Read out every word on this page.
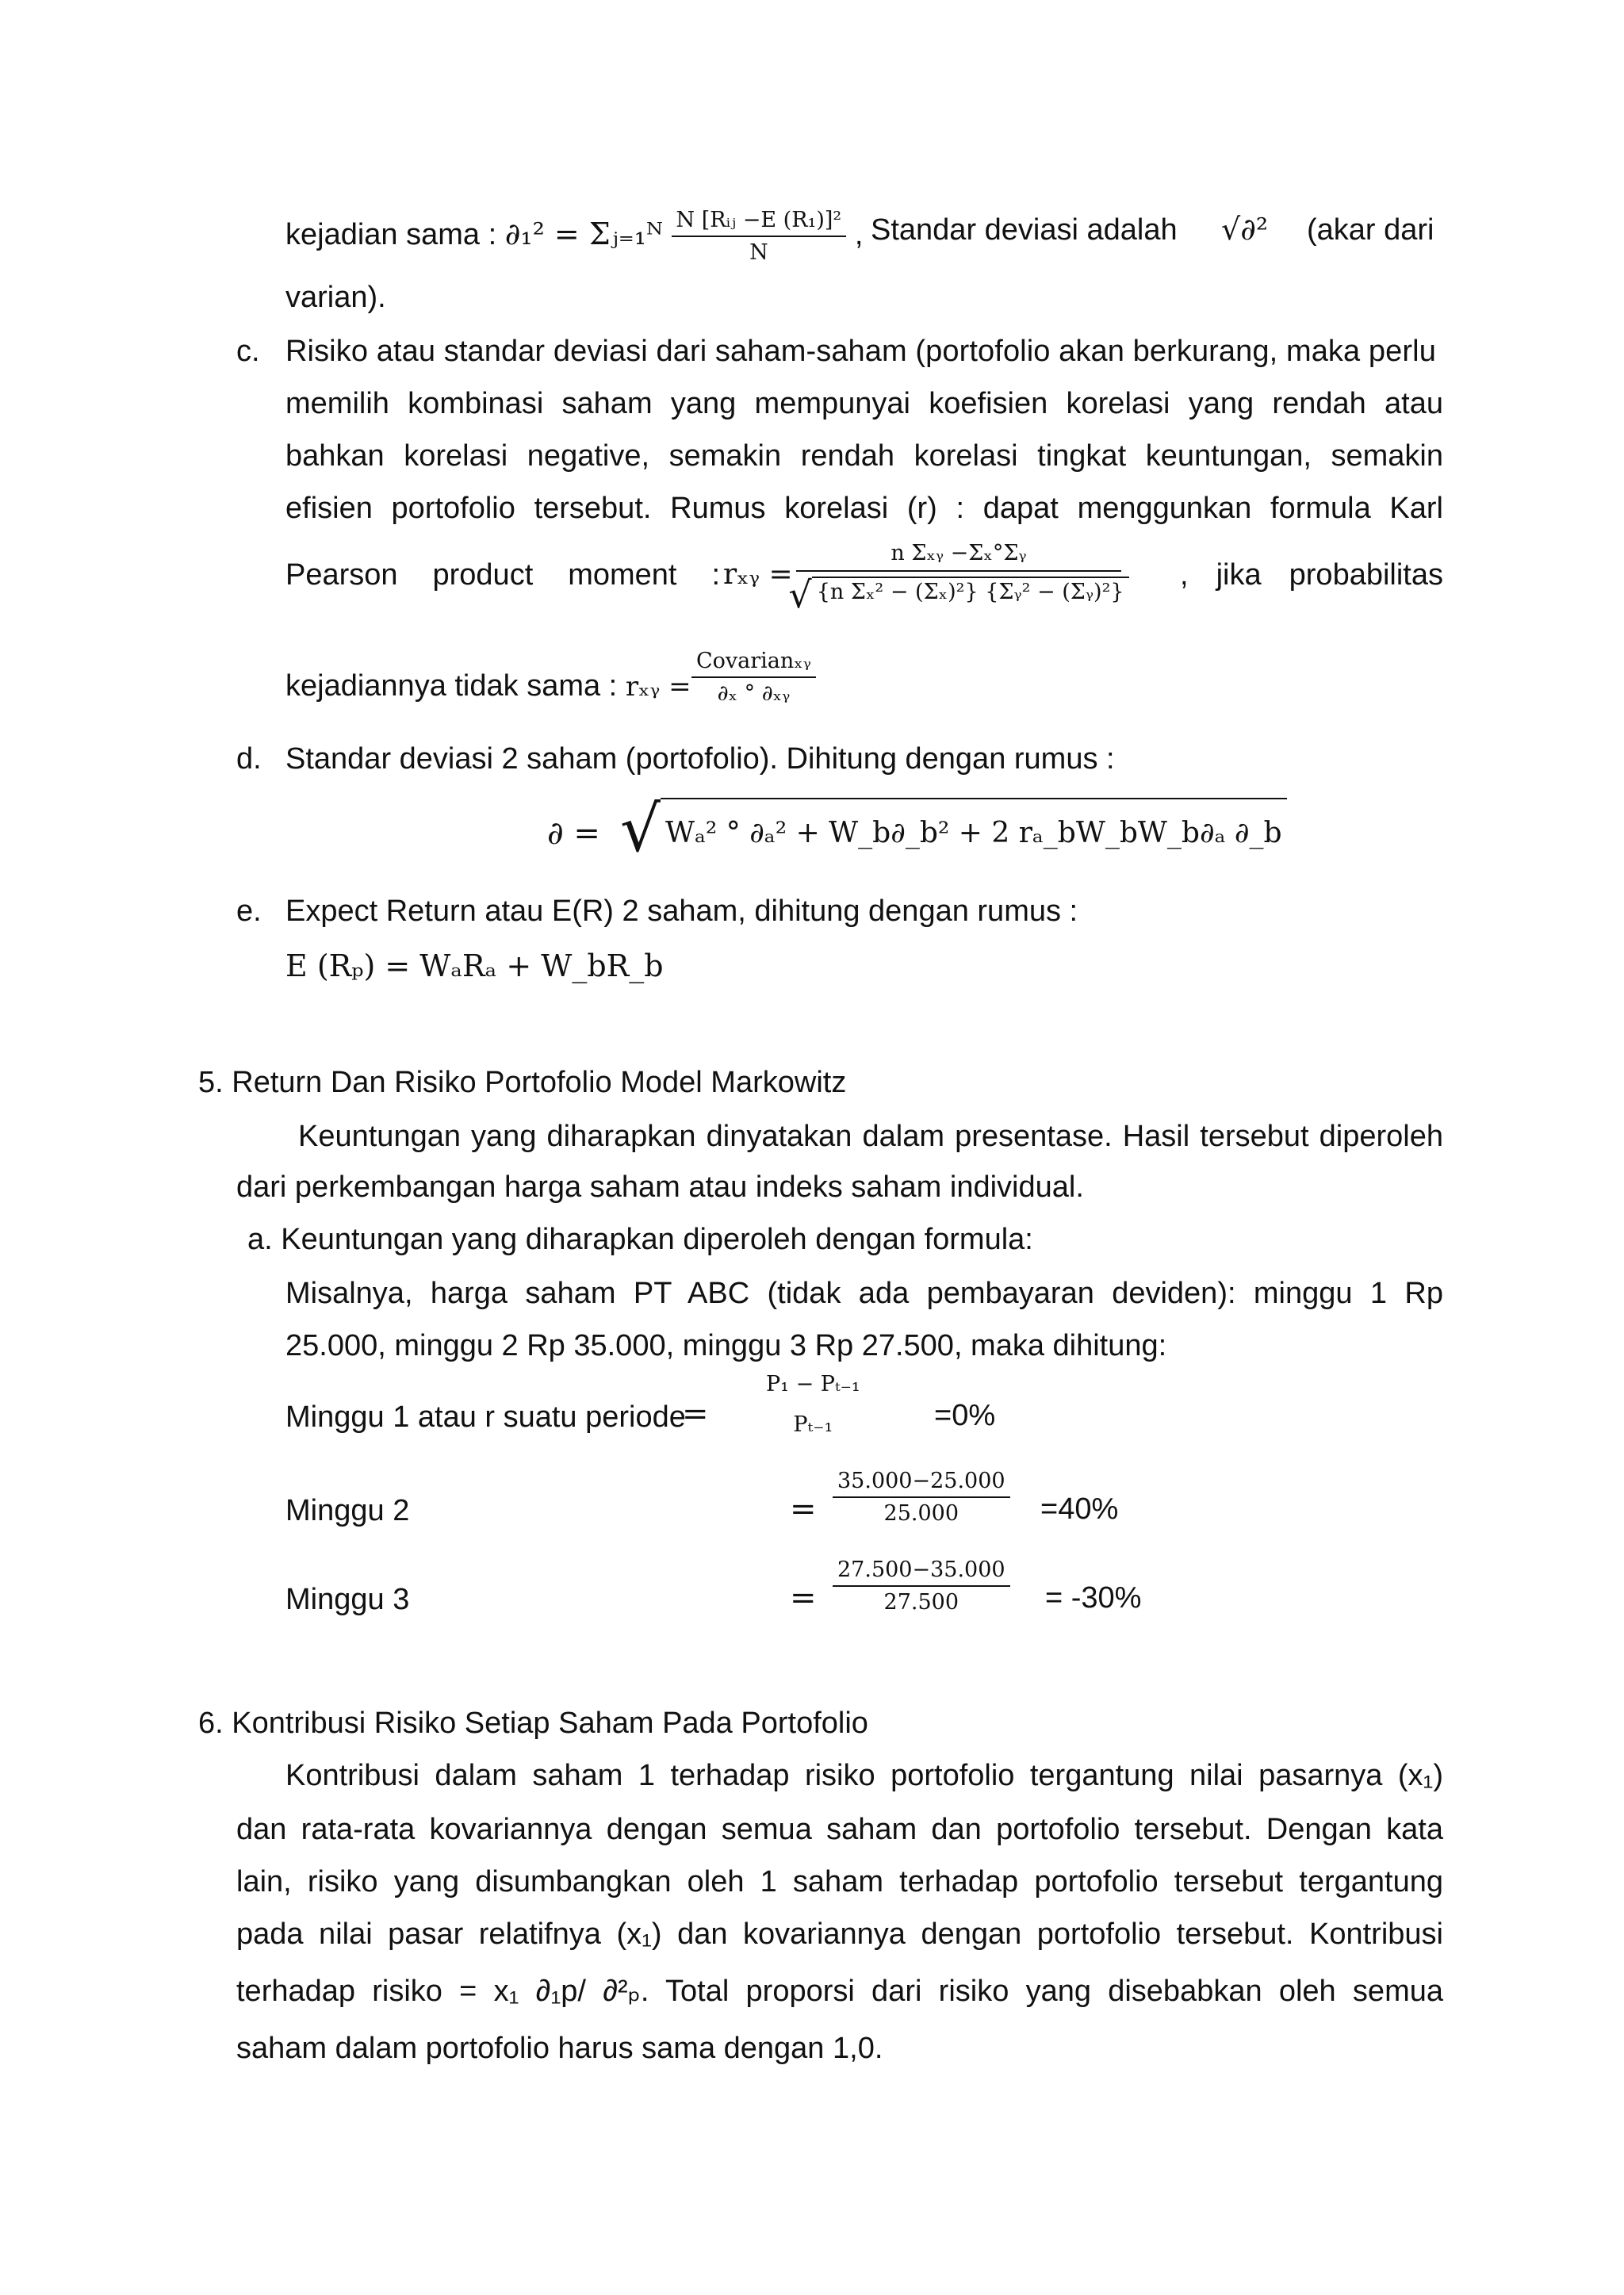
kejadian sama : ∂₁² = Σⱼ₌₁ᴺ $\frac{\text{N [Rᵢⱼ −E (R₁)]²}}{N}$ , Standar deviasi adalah √∂² (akar dari
varian).
c. Risiko atau standar deviasi dari saham-saham (portofolio akan berkurang, maka perlu
memilih kombinasi saham yang mempunyai koefisien korelasi yang rendah atau
bahkan korelasi negative, semakin rendah korelasi tingkat keuntungan, semakin
efisien portofolio tersebut. Rumus korelasi (r) : dapat menggunkan formula Karl
Pearson product moment : rₓᵧ =
n Σₓᵧ −Σₓ°Σᵧ
√ {n Σₓ² − (Σₓ)²} {Σᵧ² − (Σᵧ)²}
, jika probabilitas
kejadiannya tidak sama : rₓᵧ =
Covarianₓᵧ
∂ₓ ° ∂ₓᵧ
d. Standar deviasi 2 saham (portofolio). Dihitung dengan rumus :
∂ = √ Wₐ² ° ∂ₐ² + W_b∂_b² + 2 rₐ_bW_bW_b∂ₐ ∂_b
e. Expect Return atau E(R) 2 saham, dihitung dengan rumus :
E (Rₚ) = WₐRₐ + W_bR_b
5. Return Dan Risiko Portofolio Model Markowitz
Keuntungan yang diharapkan dinyatakan dalam presentase. Hasil tersebut diperoleh
dari perkembangan harga saham atau indeks saham individual.
a. Keuntungan yang diharapkan diperoleh dengan formula:
Misalnya, harga saham PT ABC (tidak ada pembayaran deviden): minggu 1 Rp
25.000, minggu 2 Rp 35.000, minggu 3 Rp 27.500, maka dihitung:
Minggu 1 atau r suatu periode
=
P₁ − Pₜ₋₁
Pₜ₋₁	=0%
Minggu 2	= $\frac{35.000-25.000}{25.000} =40\%$
Minggu 3	= $\frac{27.500-35.000}{27.500} = -30\%$
6. Kontribusi Risiko Setiap Saham Pada Portofolio
Kontribusi dalam saham 1 terhadap risiko portofolio tergantung nilai pasarnya (x₁)
dan rata-rata kovariannya dengan semua saham dan portofolio tersebut. Dengan kata
lain, risiko yang disumbangkan oleh 1 saham terhadap portofolio tersebut tergantung
pada nilai pasar relatifnya (x₁) dan kovariannya dengan portofolio tersebut. Kontribusi
terhadap risiko = x₁ ∂₁p/ ∂²ₚ. Total proporsi dari risiko yang disebabkan oleh semua
saham dalam portofolio harus sama dengan 1,0.
